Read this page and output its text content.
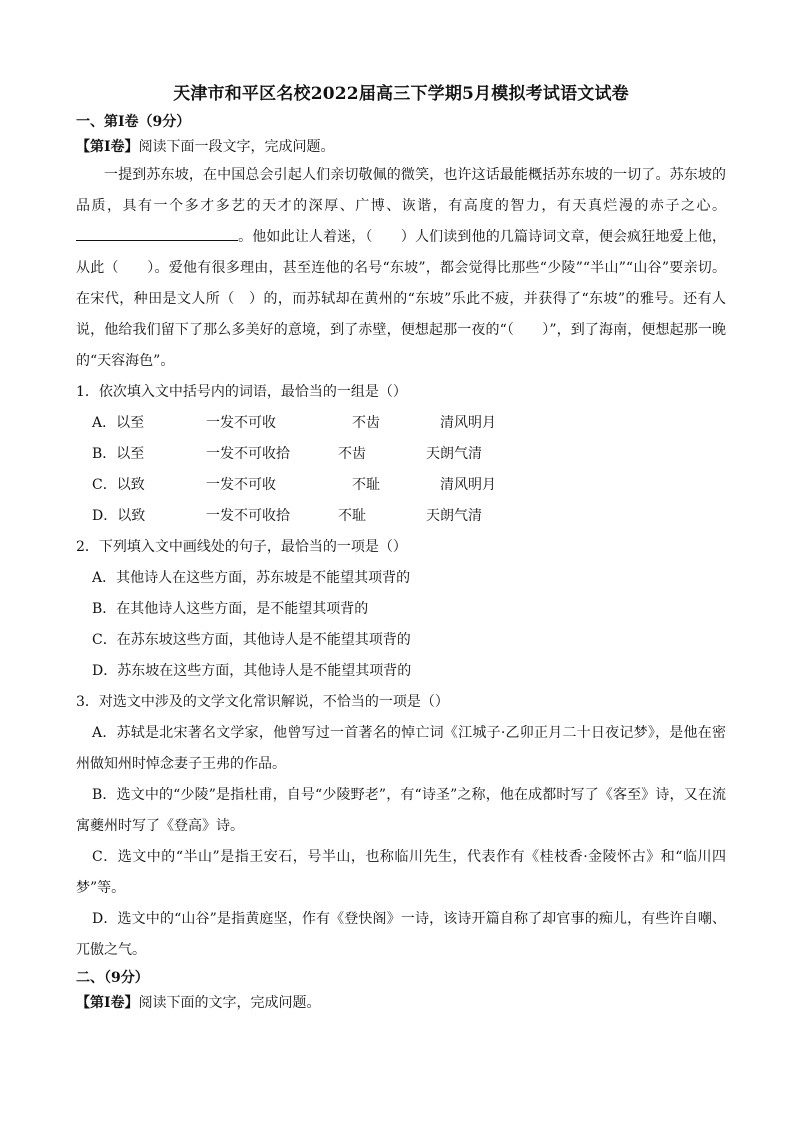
天津市和平区名校2022届高三下学期5月模拟考试语文试卷

一、第Ⅰ卷（9分）

【第Ⅰ卷】阅读下面一段文字，完成问题。

一提到苏东坡，在中国总会引起人们亲切敬佩的微笑，也许这话最能概括苏东坡的一切了。苏东坡的品质，具有一个多才多艺的天才的深厚、广博、诙谐，有高度的智力，有天真烂漫的赤子之心。。他如此让人着迷，（　　）人们读到他的几篇诗词文章，便会疯狂地爱上他，从此（　　）。爱他有很多理由，甚至连他的名号“东坡”，都会觉得比那些“少陵”“半山”“山谷”要亲切。在宋代，种田是文人所（　）的，而苏轼却在黄州的“东坡”乐此不疲，并获得了“东坡”的雅号。还有人说，他给我们留下了那么多美好的意境，到了赤壁，便想起那一夜的“（　　）”，到了海南，便想起那一晚的“天容海色”。

1．依次填入文中括号内的词语，最恰当的一组是（）

A．以至	一发不可收	不齿	清风明月
B．以至	一发不可收拾	不齿	天朗气清
C．以致	一发不可收	不耻	清风明月
D．以致	一发不可收拾	不耻	天朗气清

2．下列填入文中画线处的句子，最恰当的一项是（）

A．其他诗人在这些方面，苏东坡是不能望其项背的

B．在其他诗人这些方面，是不能望其项背的

C．在苏东坡这些方面，其他诗人是不能望其项背的

D．苏东坡在这些方面，其他诗人是不能望其项背的

3．对选文中涉及的文学文化常识解说，不恰当的一项是（）

A．苏轼是北宋著名文学家，他曾写过一首著名的悼亡词《江城子·乙卯正月二十日夜记梦》，是他在密州做知州时悼念妻子王弗的作品。

B．选文中的“少陵”是指杜甫，自号“少陵野老”，有“诗圣”之称，他在成都时写了《客至》诗，又在流寓夔州时写了《登高》诗。

C．选文中的“半山”是指王安石，号半山，也称临川先生，代表作有《桂枝香·金陵怀古》和“临川四梦”等。

D．选文中的“山谷”是指黄庭坚，作有《登快阁》一诗，该诗开篇自称了却官事的痴儿，有些许自嘲、兀傲之气。

二、（9分）

【第Ⅰ卷】阅读下面的文字，完成问题。
